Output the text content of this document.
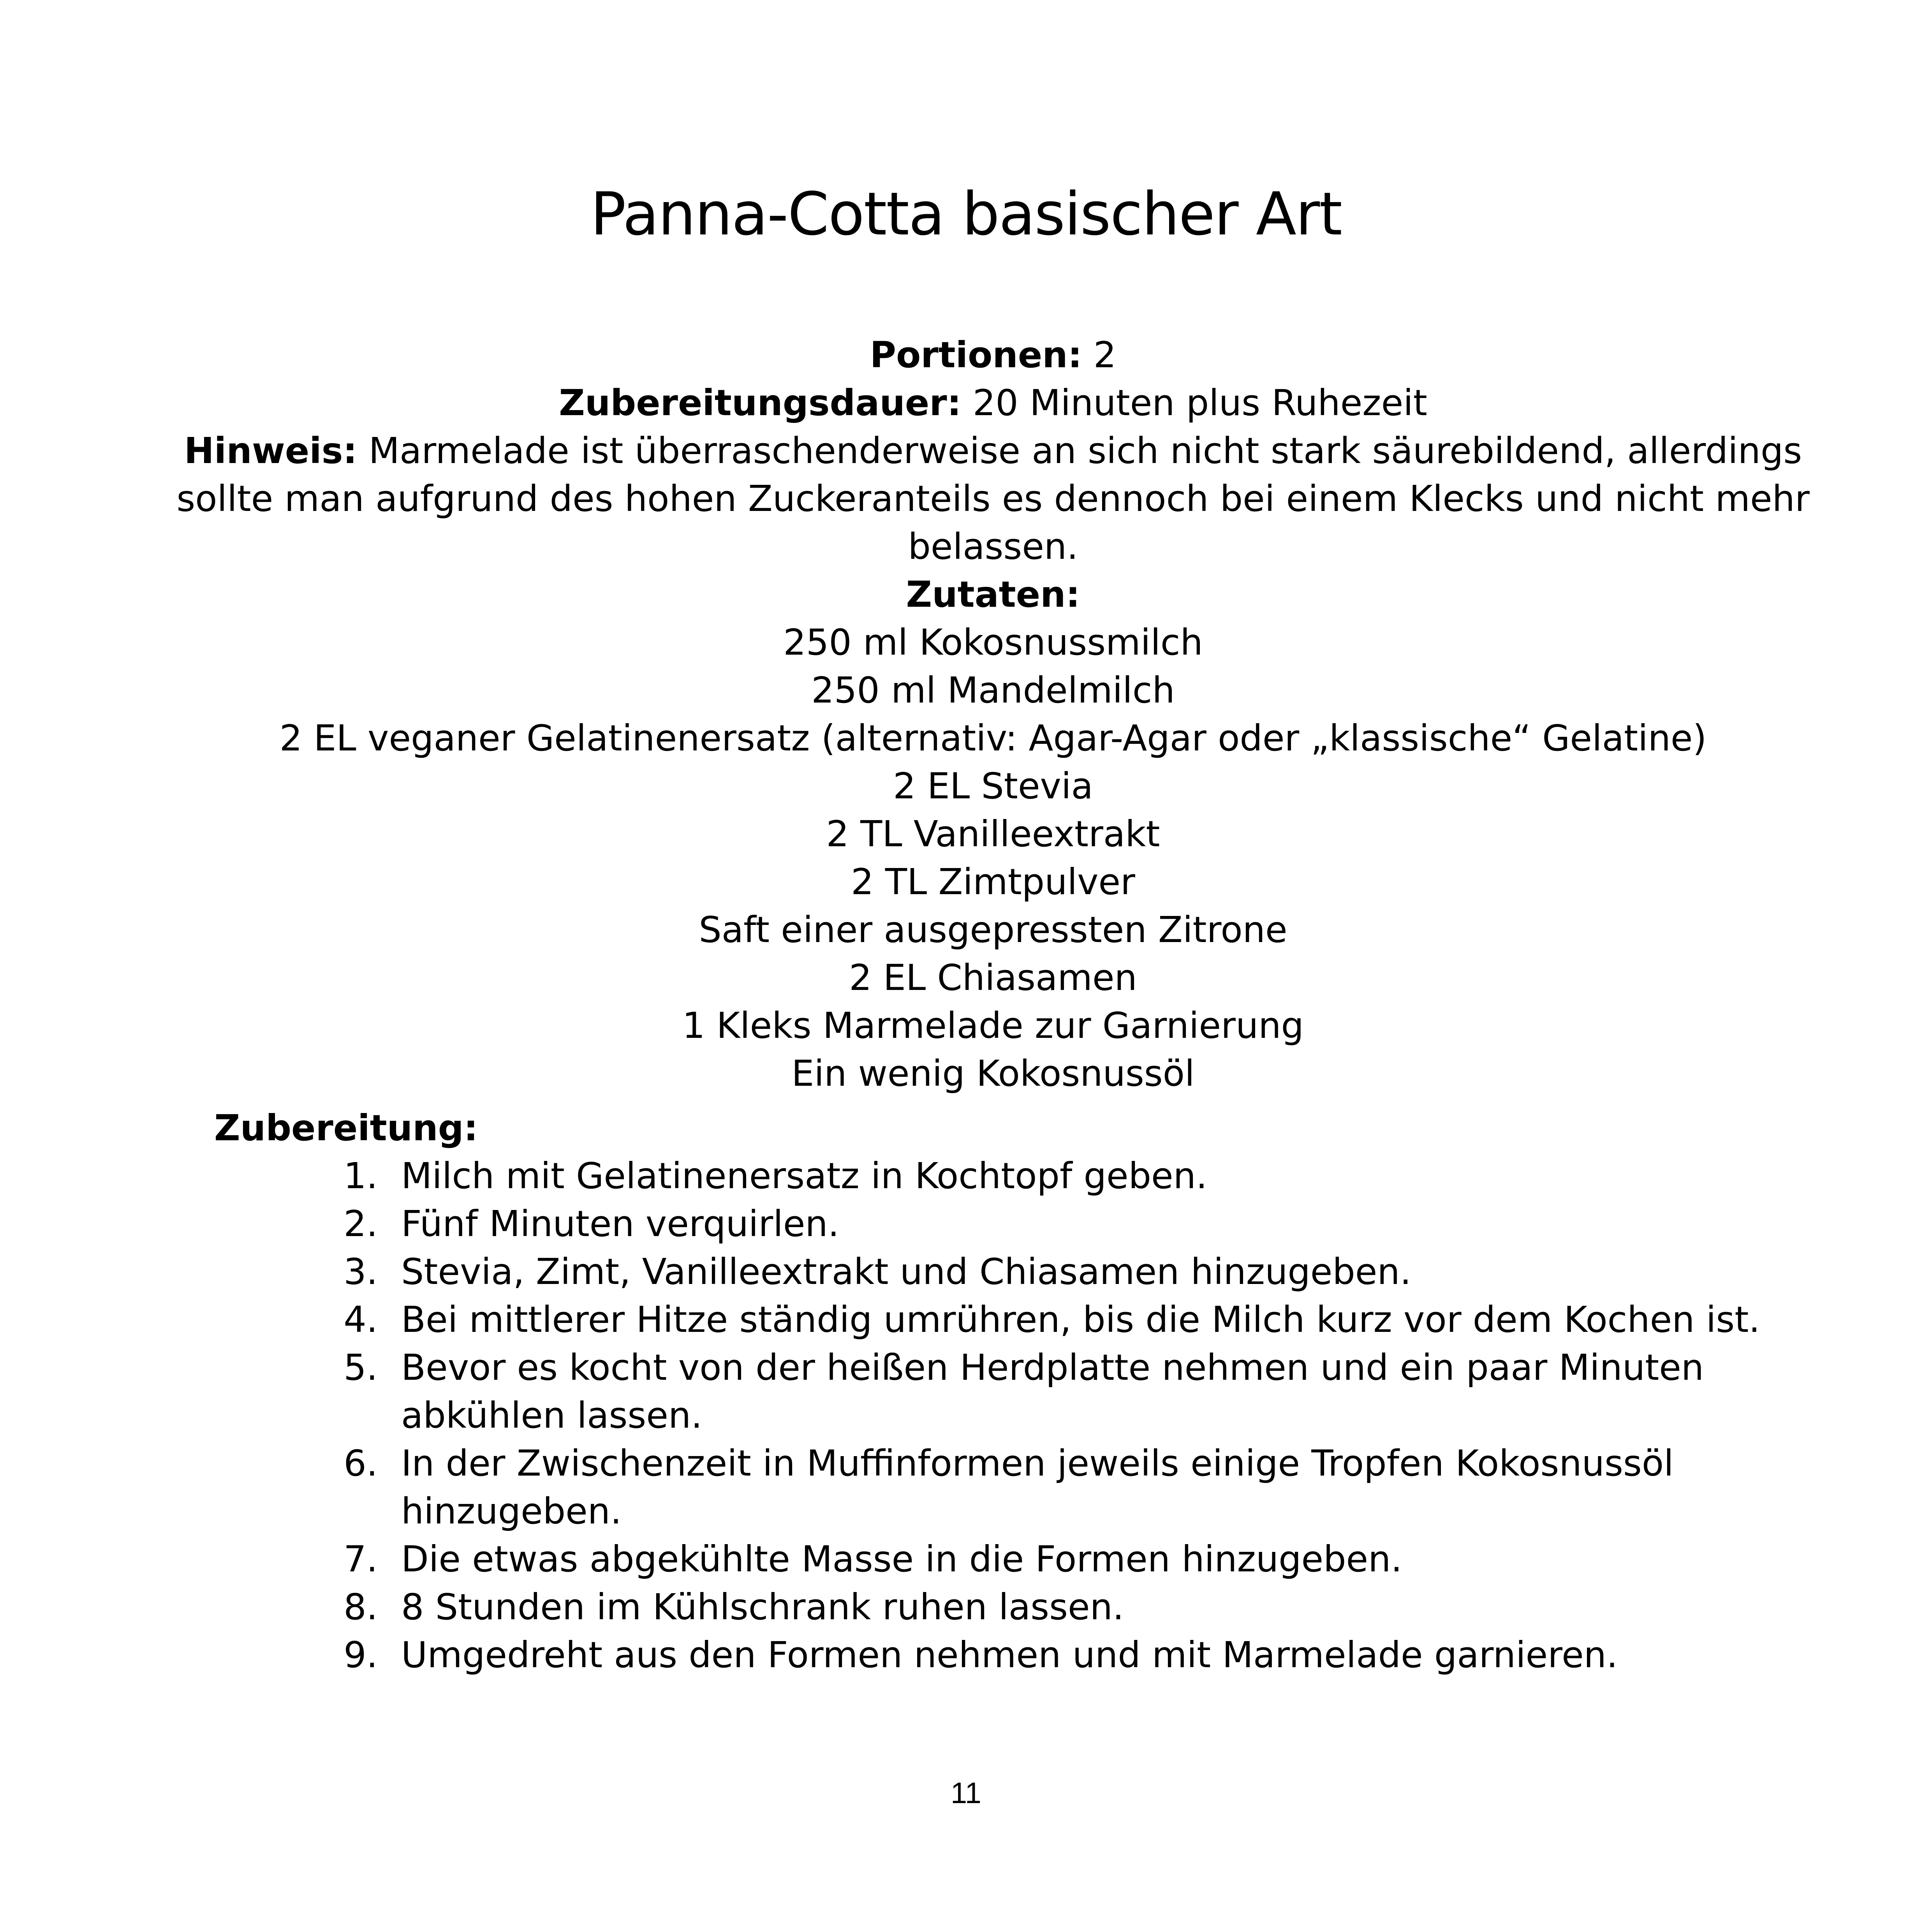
Panna-Cotta basischer Art
Portionen: 2
Zubereitungsdauer: 20 Minuten plus Ruhezeit
Hinweis: Marmelade ist überraschenderweise an sich nicht stark säurebildend, allerdings sollte man aufgrund des hohen Zuckeranteils es dennoch bei einem Klecks und nicht mehr belassen.
Zutaten:
250 ml Kokosnussmilch
250 ml Mandelmilch
2 EL veganer Gelatinenersatz (alternativ: Agar-Agar oder „klassische“ Gelatine)
2 EL Stevia
2 TL Vanilleextrakt
2 TL Zimtpulver
Saft einer ausgepressten Zitrone
2 EL Chiasamen
1 Kleks Marmelade zur Garnierung
Ein wenig Kokosnussöl
Zubereitung:
1. Milch mit Gelatinenersatz in Kochtopf geben.
2. Fünf Minuten verquirlen.
3. Stevia, Zimt, Vanilleextrakt und Chiasamen hinzugeben.
4. Bei mittlerer Hitze ständig umrühren, bis die Milch kurz vor dem Kochen ist.
5. Bevor es kocht von der heißen Herdplatte nehmen und ein paar Minuten abkühlen lassen.
6. In der Zwischenzeit in Muffinformen jeweils einige Tropfen Kokosnussöl hinzugeben.
7. Die etwas abgekühlte Masse in die Formen hinzugeben.
8. 8 Stunden im Kühlschrank ruhen lassen.
9. Umgedreht aus den Formen nehmen und mit Marmelade garnieren.
11
